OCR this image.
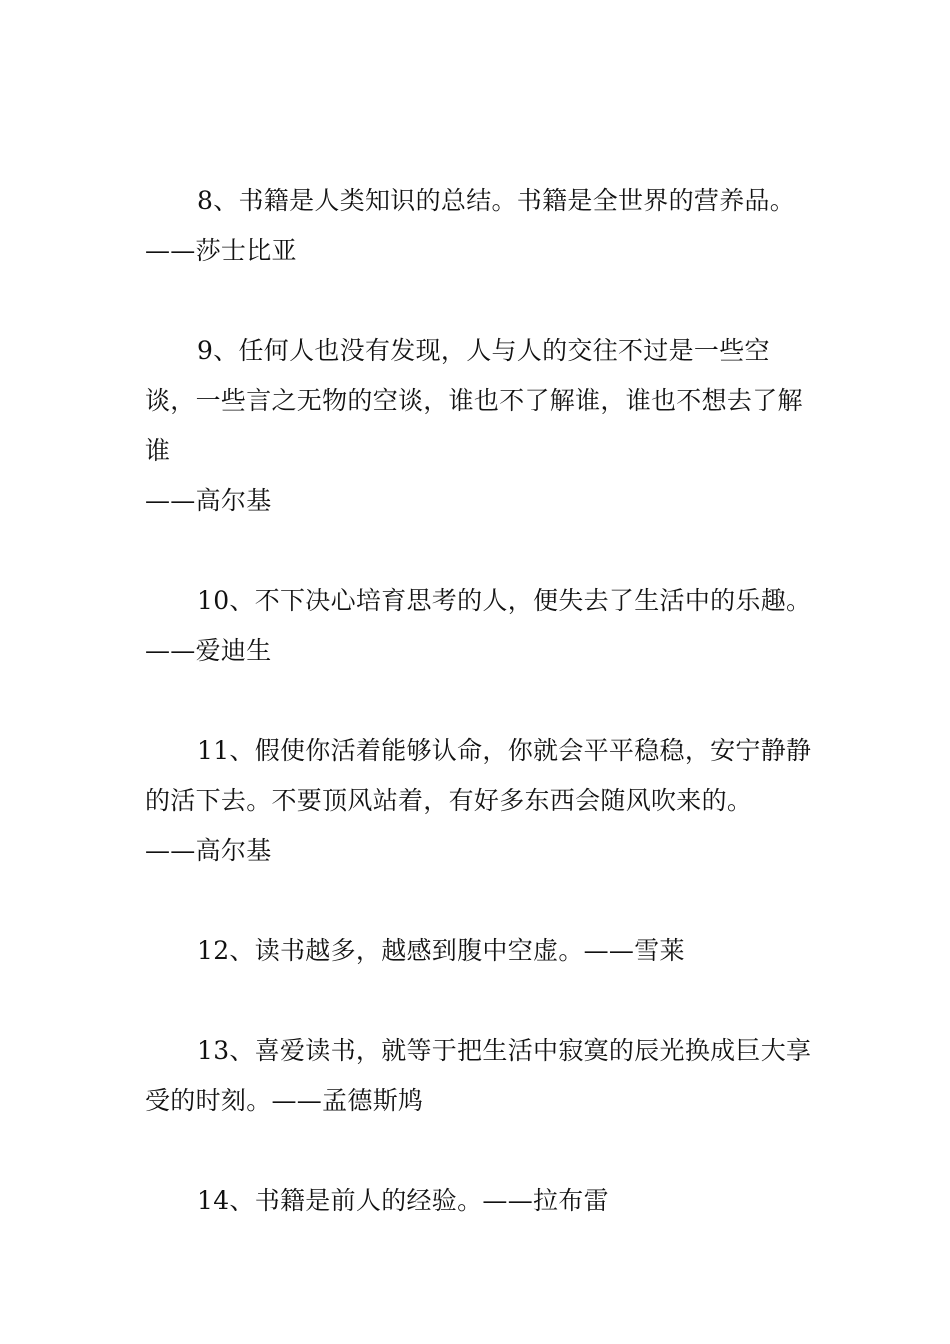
8、书籍是人类知识的总结。书籍是全世界的营养品。
——莎士比亚

9、任何人也没有发现，人与人的交往不过是一些空谈，一些言之无物的空谈，谁也不了解谁，谁也不想去了解谁
——高尔基

10、不下决心培育思考的人，便失去了生活中的乐趣。
——爱迪生

11、假使你活着能够认命，你就会平平稳稳，安宁静静的活下去。不要顶风站着，有好多东西会随风吹来的。
——高尔基

12、读书越多，越感到腹中空虚。——雪莱

13、喜爱读书，就等于把生活中寂寞的辰光换成巨大享受的时刻。——孟德斯鸠

14、书籍是前人的经验。——拉布雷
